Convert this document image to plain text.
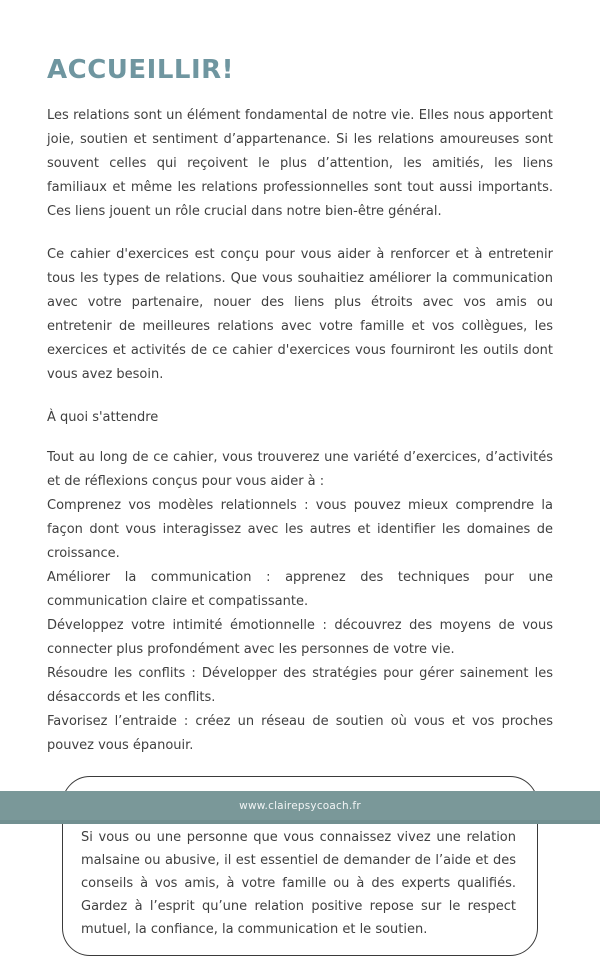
ACCUEILLIR!

Les relations sont un élément fondamental de notre vie. Elles nous apportent joie, soutien et sentiment d’appartenance. Si les relations amoureuses sont souvent celles qui reçoivent le plus d’attention, les amitiés, les liens familiaux et même les relations professionnelles sont tout aussi importants. Ces liens jouent un rôle crucial dans notre bien-être général.

Ce cahier d'exercices est conçu pour vous aider à renforcer et à entretenir tous les types de relations. Que vous souhaitiez améliorer la communication avec votre partenaire, nouer des liens plus étroits avec vos amis ou entretenir de meilleures relations avec votre famille et vos collègues, les exercices et activités de ce cahier d'exercices vous fourniront les outils dont vous avez besoin.

À quoi s'attendre
Tout au long de ce cahier, vous trouverez une variété d’exercices, d’activités et de réflexions conçus pour vous aider à :
Comprenez vos modèles relationnels : vous pouvez mieux comprendre la façon dont vous interagissez avec les autres et identifier les domaines de croissance.
Améliorer la communication : apprenez des techniques pour une communication claire et compatissante.
Développez votre intimité émotionnelle : découvrez des moyens de vous connecter plus profondément avec les personnes de votre vie.
Résoudre les conflits : Développer des stratégies pour gérer sainement les désaccords et les conflits.
Favorisez l’entraide : créez un réseau de soutien où vous et vos proches pouvez vous épanouir.
Si vous ou une personne que vous connaissez vivez une relation malsaine ou abusive, il est essentiel de demander de l’aide et des conseils à vos amis, à votre famille ou à des experts qualifiés. Gardez à l’esprit qu’une relation positive repose sur le respect mutuel, la confiance, la communication et le soutien.
www.clairepsycoach.fr
